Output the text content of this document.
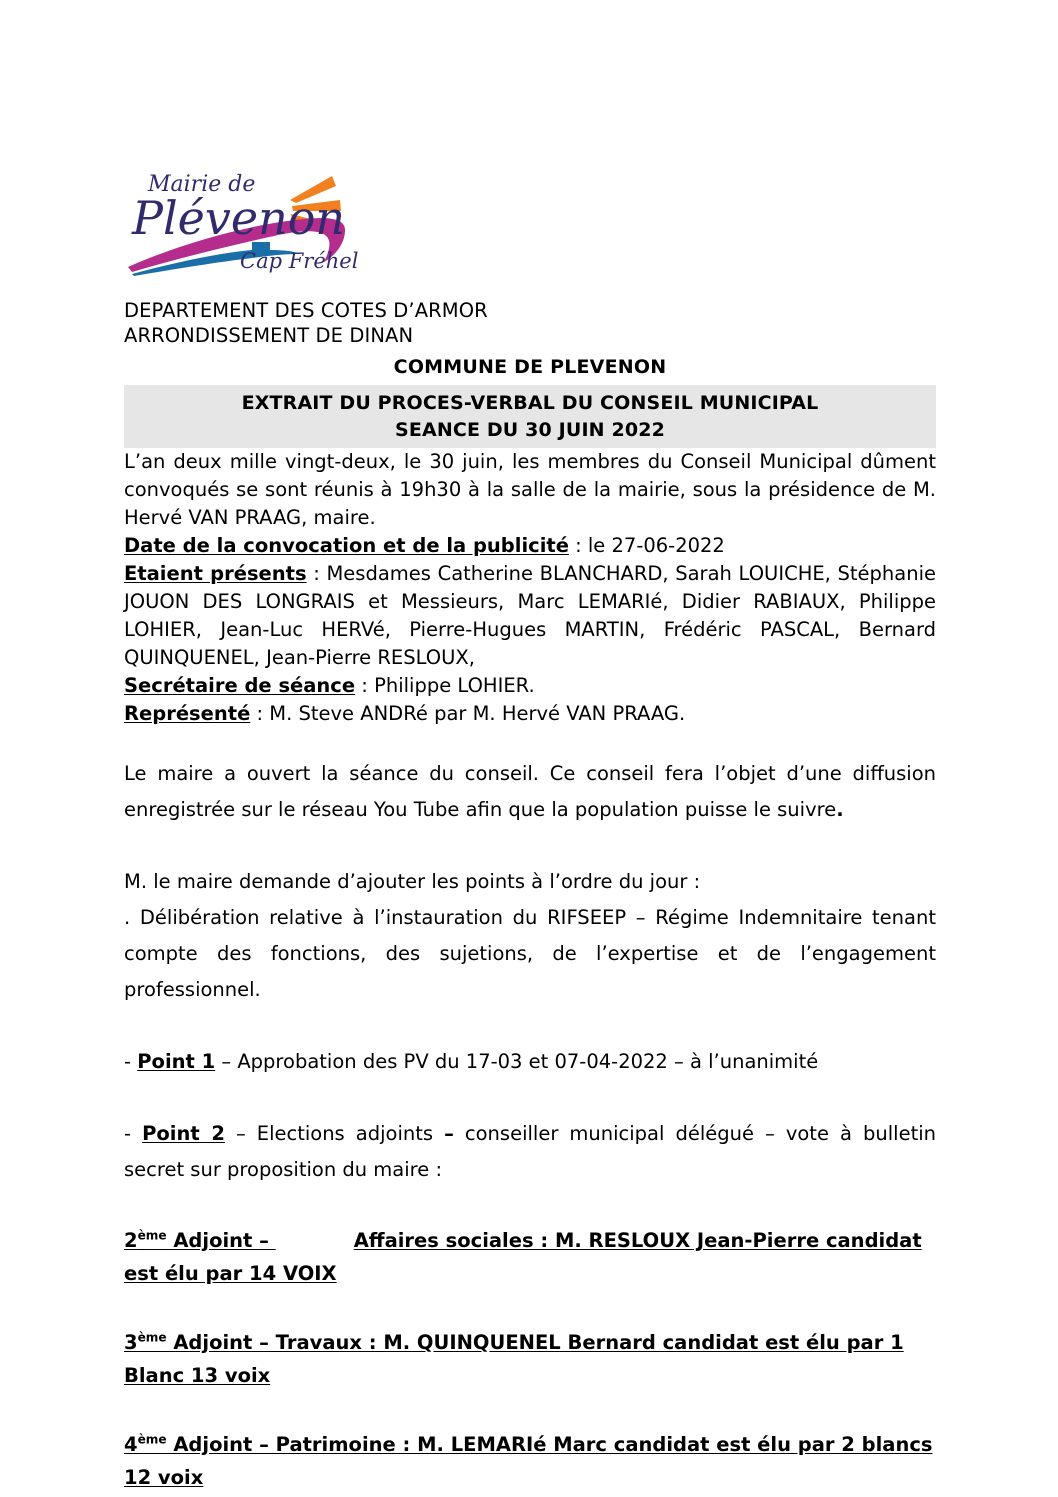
Mairie de
Plévenon
Cap Fréhel
DEPARTEMENT DES COTES D’ARMOR
ARRONDISSEMENT DE DINAN
COMMUNE DE PLEVENON
EXTRAIT DU PROCES-VERBAL DU CONSEIL MUNICIPAL
SEANCE DU 30 JUIN 2022

L’an deux mille vingt-deux, le 30 juin, les membres du Conseil Municipal dûment convoqués se sont réunis à 19h30 à la salle de la mairie, sous la présidence de M. Hervé VAN PRAAG, maire.

Date de la convocation et de la publicité : le 27-06-2022

Etaient présents : Mesdames Catherine BLANCHARD, Sarah LOUICHE, Stéphanie JOUON DES LONGRAIS et Messieurs, Marc LEMARIé, Didier RABIAUX, Philippe LOHIER, Jean-Luc HERVé, Pierre-Hugues MARTIN, Frédéric PASCAL, Bernard QUINQUENEL, Jean-Pierre RESLOUX,

Secrétaire de séance : Philippe LOHIER.

Représenté : M. Steve ANDRé par M. Hervé VAN PRAAG.

Le maire a ouvert la séance du conseil. Ce conseil fera l’objet d’une diffusion enregistrée sur le réseau You Tube afin que la population puisse le suivre.

M. le maire demande d’ajouter les points à l’ordre du jour :

. Délibération relative à l’instauration du RIFSEEP – Régime Indemnitaire tenant compte des fonctions, des sujetions, de l’expertise et de l’engagement professionnel.

- Point 1 – Approbation des PV du 17-03 et 07-04-2022 – à l’unanimité

- Point 2 – Elections adjoints – conseiller municipal délégué – vote à bulletin secret sur proposition du maire :

2ème Adjoint –	Affaires sociales : M. RESLOUX Jean-Pierre candidat est élu par 14 VOIX

3ème Adjoint – Travaux : M. QUINQUENEL Bernard candidat est élu par 1 Blanc 13 voix

4ème Adjoint – Patrimoine : M. LEMARIé Marc candidat est élu par 2 blancs 12 voix
